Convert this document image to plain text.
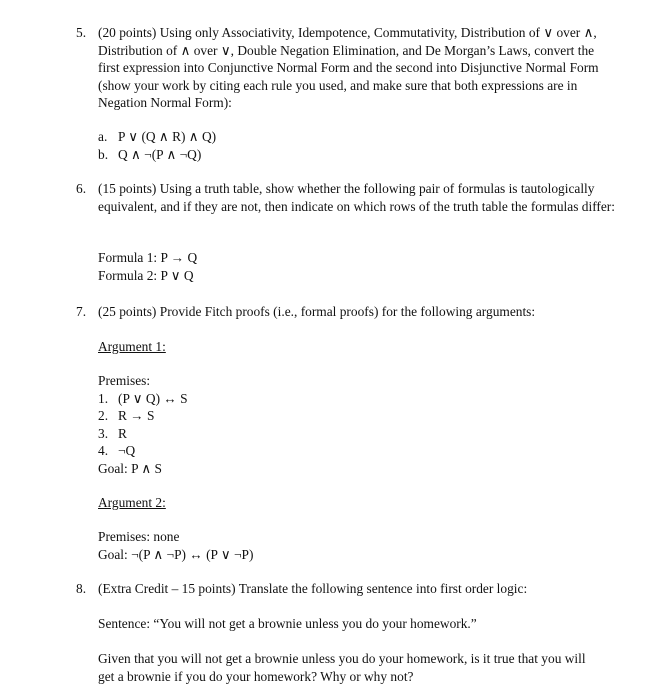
5. (20 points) Using only Associativity, Idempotence, Commutativity, Distribution of ∨ over ∧, Distribution of ∧ over ∨, Double Negation Elimination, and De Morgan’s Laws, convert the first expression into Conjunctive Normal Form and the second into Disjunctive Normal Form (show your work by citing each rule you used, and make sure that both expressions are in Negation Normal Form):
a. P ∨ (Q ∧ R) ∧ Q)
b. Q ∧ ¬(P ∧ ¬Q)
6. (15 points) Using a truth table, show whether the following pair of formulas is tautologically equivalent, and if they are not, then indicate on which rows of the truth table the formulas differ:
Formula 1: P → Q
Formula 2: P ∨ Q
7. (25 points) Provide Fitch proofs (i.e., formal proofs) for the following arguments:
Argument 1:
Premises:
1. (P ∨ Q) ↔ S
2. R → S
3. R
4. ¬Q
Goal: P ∧ S
Argument 2:
Premises: none
Goal: ¬(P ∧ ¬P) ↔ (P ∨ ¬P)
8. (Extra Credit – 15 points) Translate the following sentence into first order logic:
Sentence: “You will not get a brownie unless you do your homework.”
Given that you will not get a brownie unless you do your homework, is it true that you will get a brownie if you do your homework? Why or why not?
